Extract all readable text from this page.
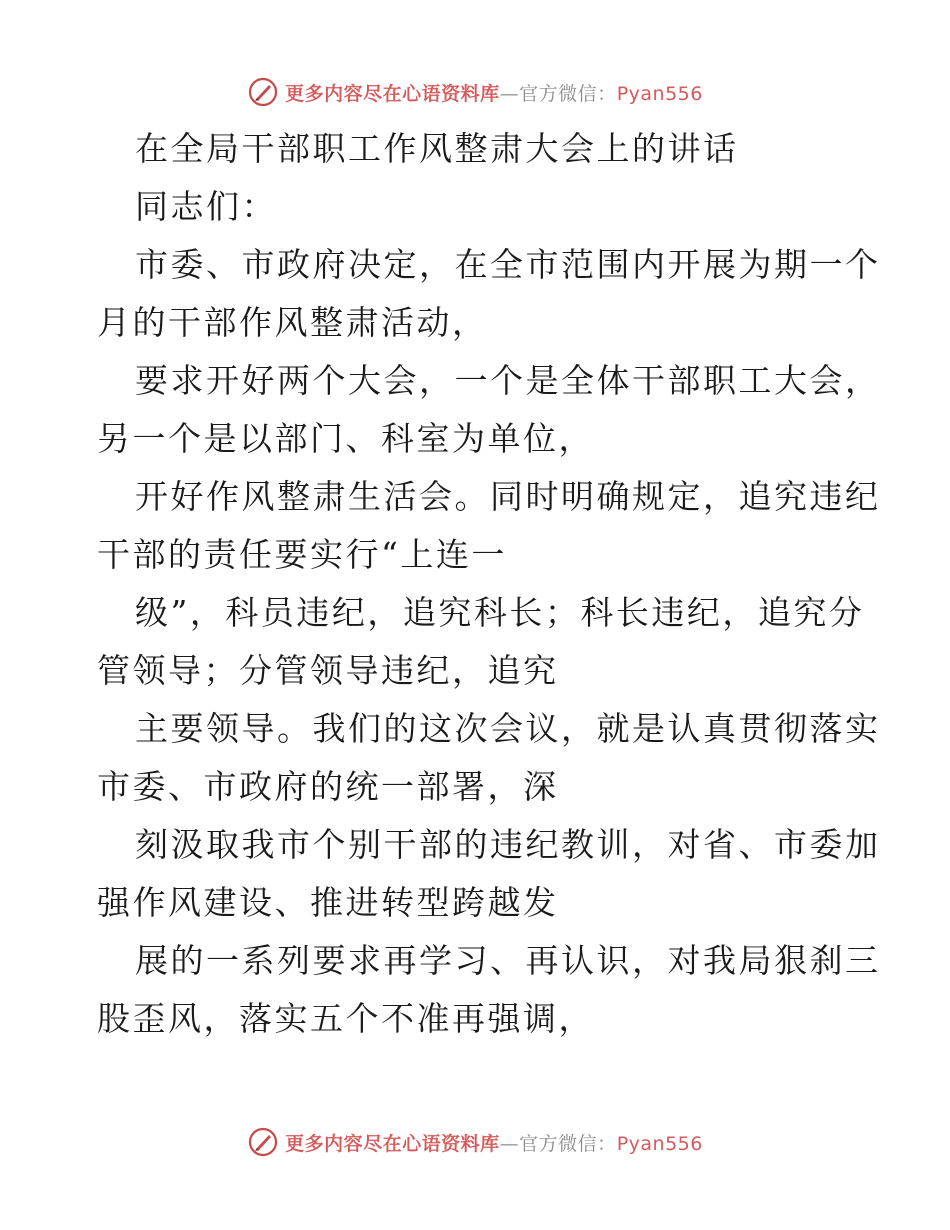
更多内容尽在心语资料库—官方微信：Pyan556
在全局干部职工作风整肃大会上的讲话
同志们：
市委、市政府决定，在全市范围内开展为期一个
月的干部作风整肃活动，
要求开好两个大会，一个是全体干部职工大会，
另一个是以部门、科室为单位，
开好作风整肃生活会。同时明确规定，追究违纪
干部的责任要实行“上连一
级”，科员违纪，追究科长；科长违纪，追究分
管领导；分管领导违纪，追究
主要领导。我们的这次会议，就是认真贯彻落实
市委、市政府的统一部署，深
刻汲取我市个别干部的违纪教训，对省、市委加
强作风建设、推进转型跨越发
展的一系列要求再学习、再认识，对我局狠刹三
股歪风，落实五个不准再强调，
更多内容尽在心语资料库—官方微信：Pyan556
